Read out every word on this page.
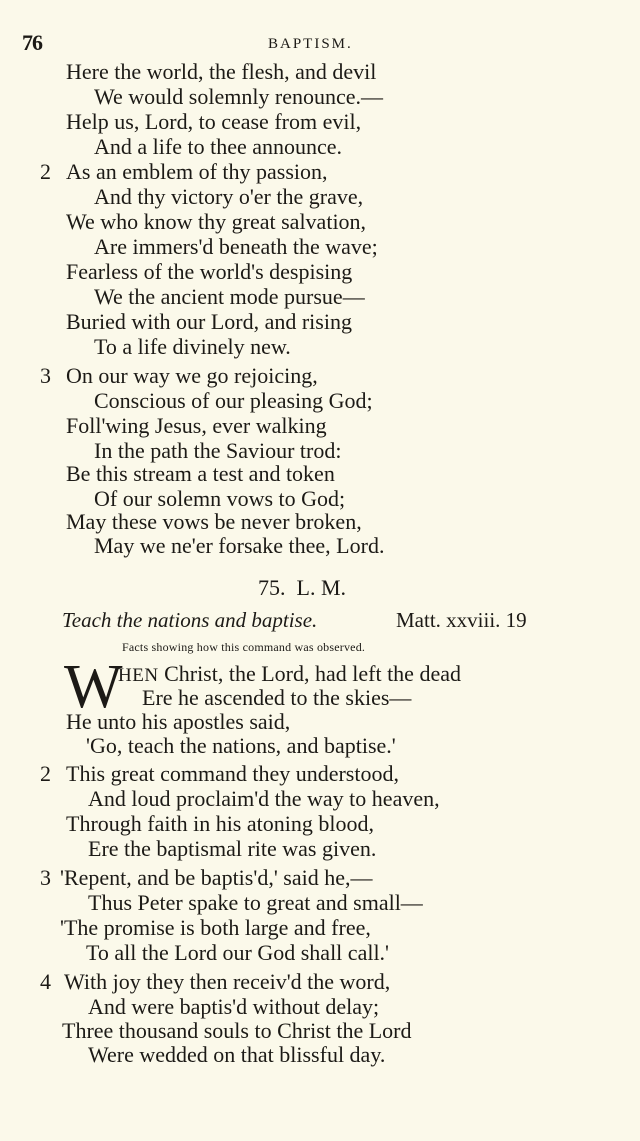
76	BAPTISM.
Here the world, the flesh, and devil
We would solemnly renounce.—
Help us, Lord, to cease from evil,
And a life to thee announce.
2 As an emblem of thy passion,
And thy victory o'er the grave,
We who know thy great salvation,
Are immers'd beneath the wave;
Fearless of the world's despising
We the ancient mode pursue—
Buried with our Lord, and rising
To a life divinely new.
3 On our way we go rejoicing,
Conscious of our pleasing God;
Foll'wing Jesus, ever walking
In the path the Saviour trod:
Be this stream a test and token
Of our solemn vows to God;
May these vows be never broken,
May we ne'er forsake thee, Lord.
75. L. M.
Teach the nations and baptise.	Matt. xxviii. 19
Facts showing how this command was observed.
W
HEN Christ, the Lord, had left the dead
Ere he ascended to the skies—
He unto his apostles said,
'Go, teach the nations, and baptise.'
2 This great command they understood,
And loud proclaim'd the way to heaven,
Through faith in his atoning blood,
Ere the baptismal rite was given.
3 'Repent, and be baptis'd,' said he,—
Thus Peter spake to great and small—
'The promise is both large and free,
To all the Lord our God shall call.'
4 With joy they then receiv'd the word,
And were baptis'd without delay;
Three thousand souls to Christ the Lord
Were wedded on that blissful day.
